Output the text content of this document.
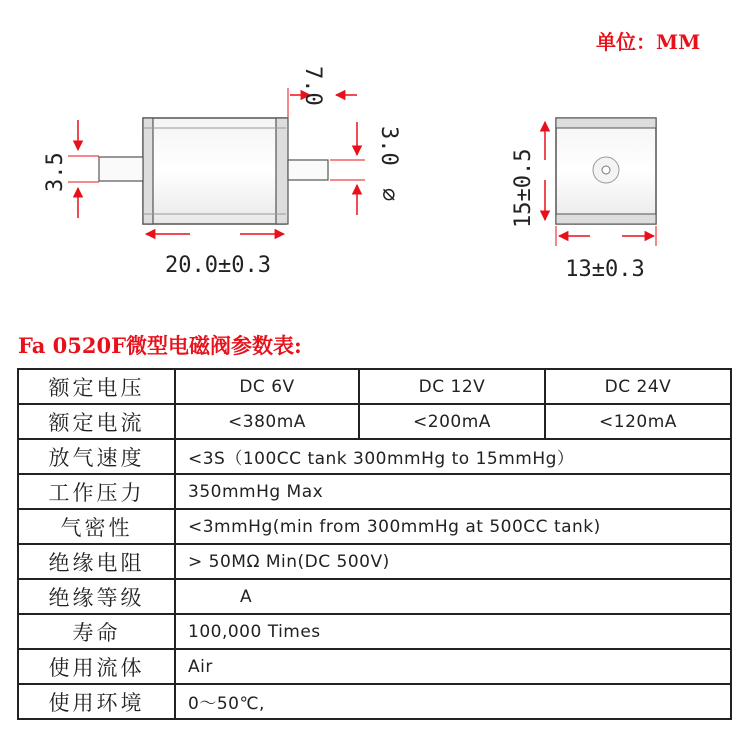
单位：MM
3.5
7.0
3.0
∅
20.0±0.3
15±0.5
13±0.3
Fa 0520F微型电磁阀参数表:
额定电压	DC 6V	DC 12V	DC 24V
额定电流	<380mA	<200mA	<120mA
放气速度	<3S（100CC tank 300mmHg to 15mmHg）		
工作压力	350mmHg Max		
气密性	<3mmHg(min from 300mmHg at 500CC tank)		
绝缘电阻	> 50MΩ Min(DC 500V)		
绝缘等级	A		
寿命	100,000 Times		
使用流体	Air		
使用环境	0～50℃,		
